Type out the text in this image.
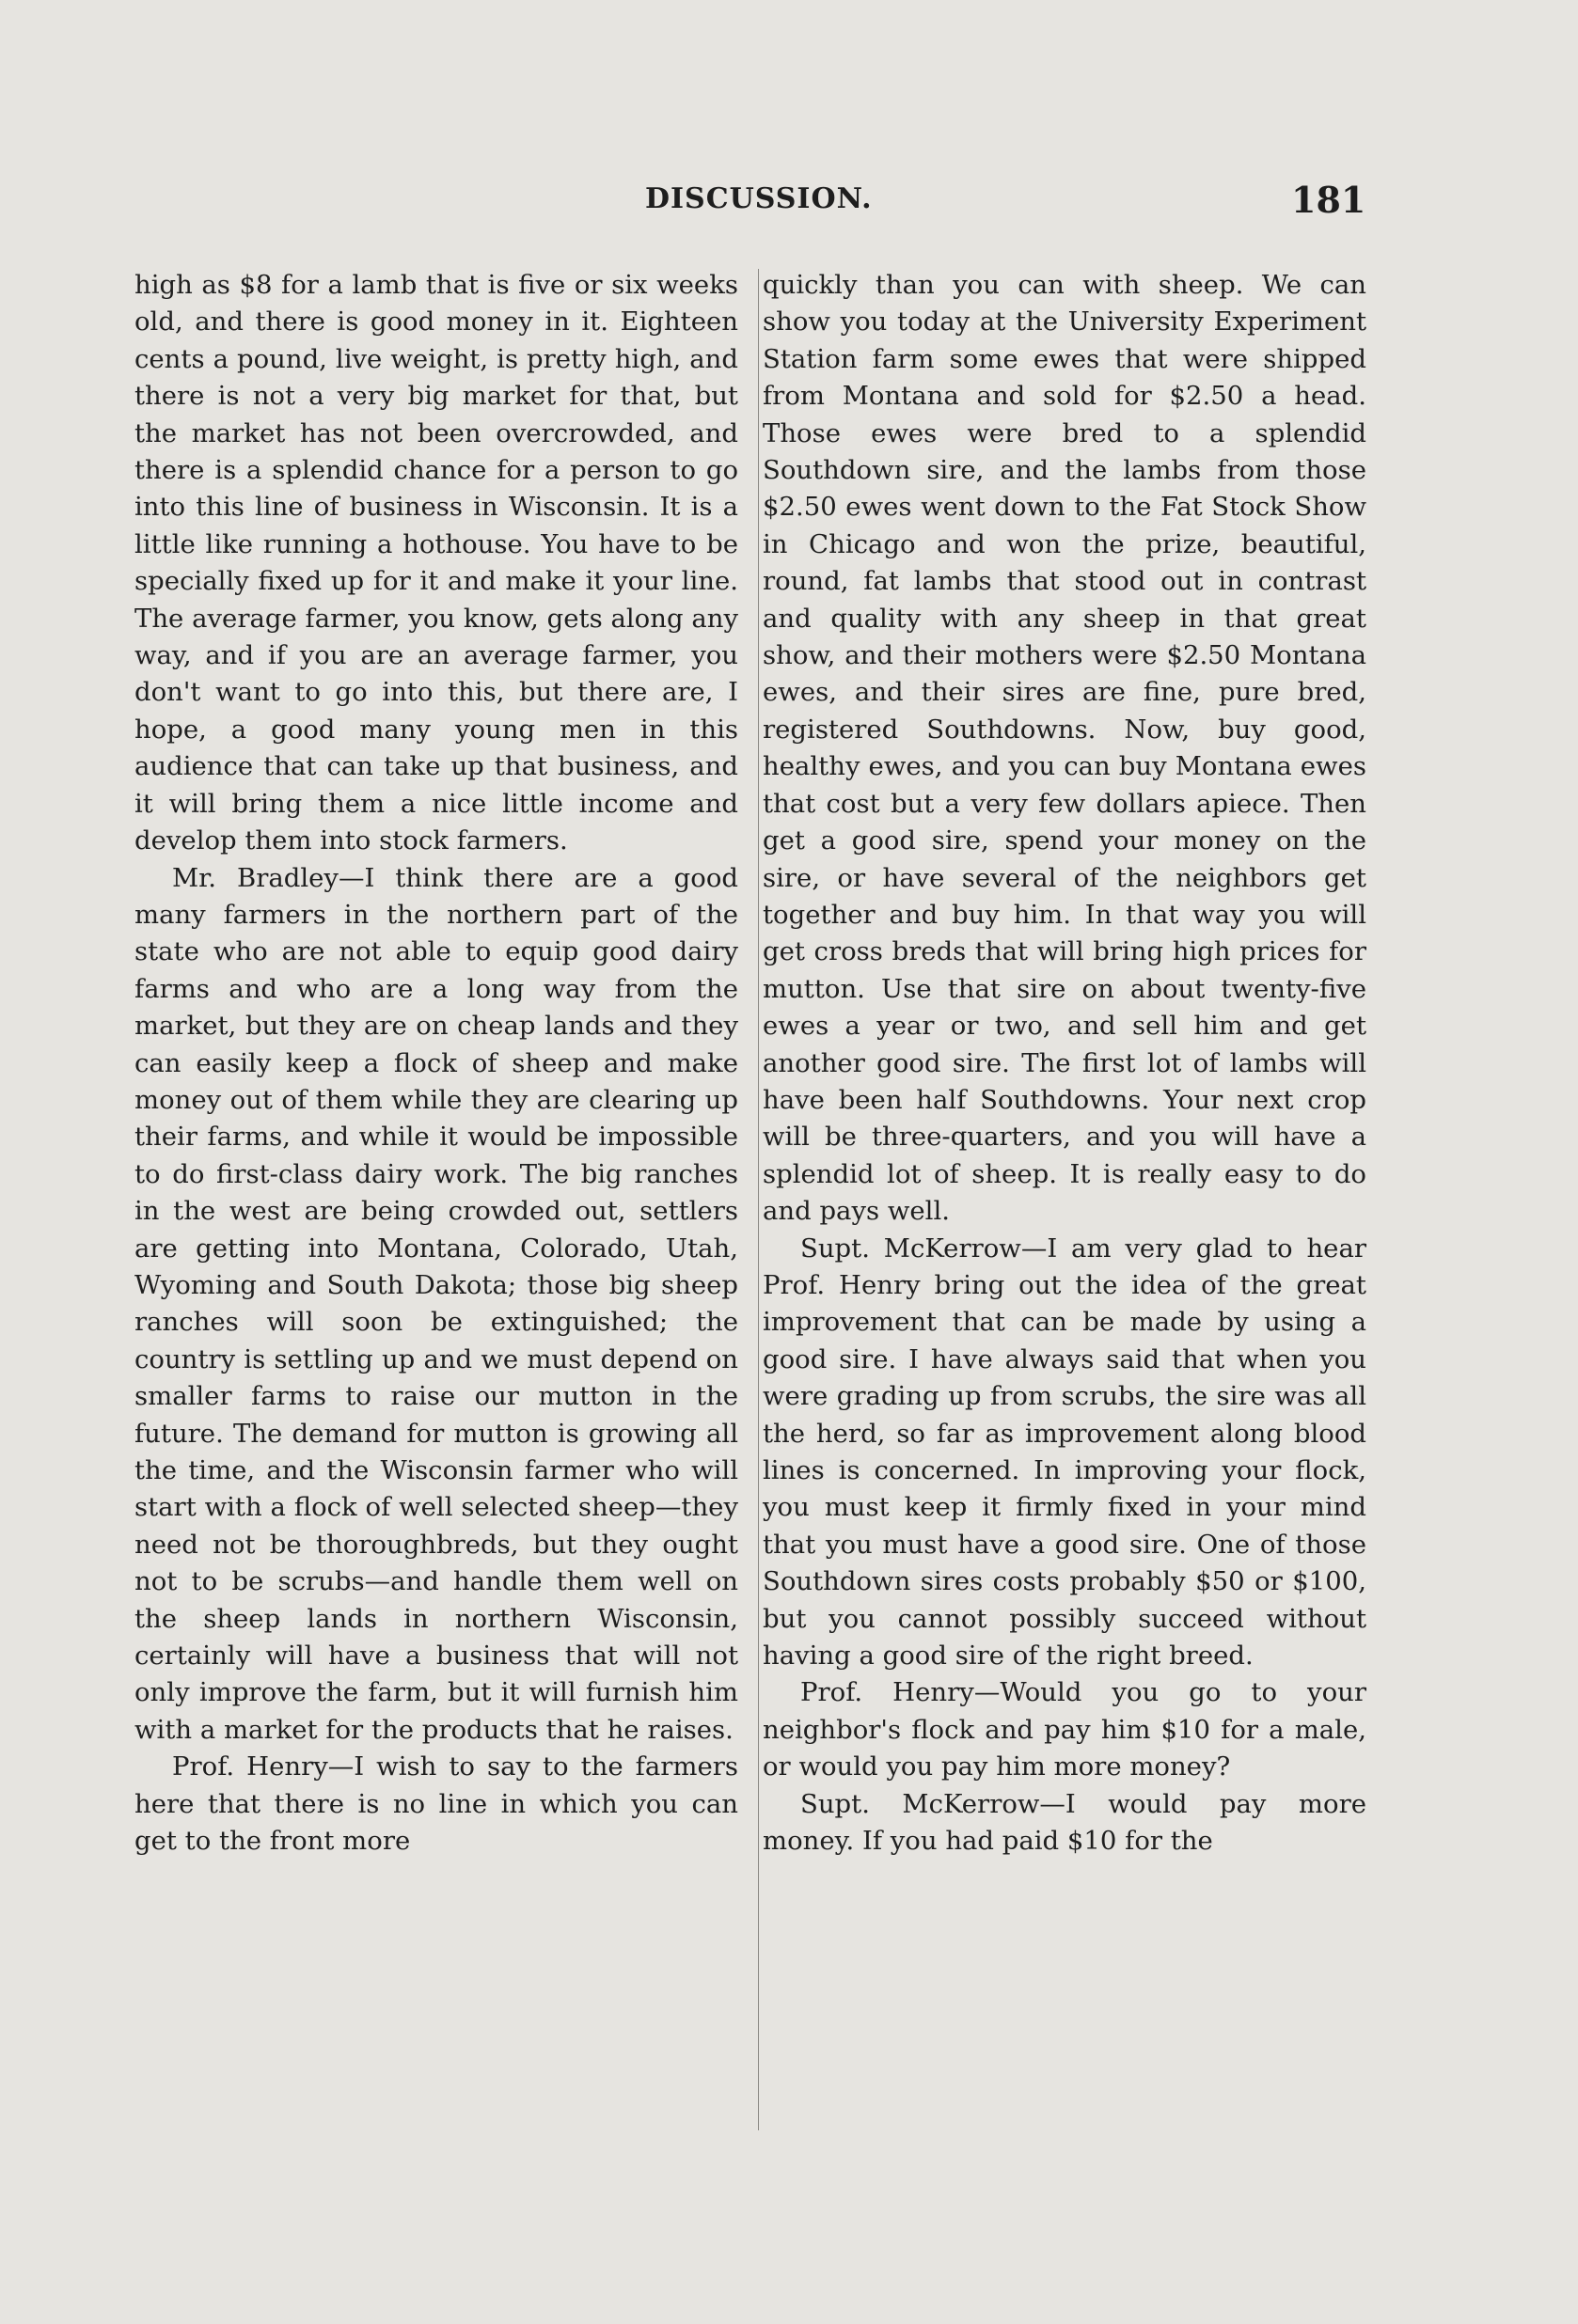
DISCUSSION.	181

high as $8 for a lamb that is five or six weeks old, and there is good money in it. Eighteen cents a pound, live weight, is pretty high, and there is not a very big market for that, but the market has not been overcrowded, and there is a splendid chance for a person to go into this line of business in Wisconsin. It is a little like running a hothouse. You have to be specially fixed up for it and make it your line. The average farmer, you know, gets along any way, and if you are an average farmer, you don't want to go into this, but there are, I hope, a good many young men in this audience that can take up that business, and it will bring them a nice little income and develop them into stock farmers.

Mr. Bradley—I think there are a good many farmers in the northern part of the state who are not able to equip good dairy farms and who are a long way from the market, but they are on cheap lands and they can easily keep a flock of sheep and make money out of them while they are clearing up their farms, and while it would be impossible to do first-class dairy work. The big ranches in the west are being crowded out, settlers are getting into Montana, Colorado, Utah, Wyoming and South Dakota; those big sheep ranches will soon be extinguished; the country is settling up and we must depend on smaller farms to raise our mutton in the future. The demand for mutton is growing all the time, and the Wisconsin farmer who will start with a flock of well selected sheep—they need not be thoroughbreds, but they ought not to be scrubs—and handle them well on the sheep lands in northern Wisconsin, certainly will have a business that will not only improve the farm, but it will furnish him with a market for the products that he raises.

Prof. Henry—I wish to say to the farmers here that there is no line in which you can get to the front more

quickly than you can with sheep. We can show you today at the University Experiment Station farm some ewes that were shipped from Montana and sold for $2.50 a head. Those ewes were bred to a splendid Southdown sire, and the lambs from those $2.50 ewes went down to the Fat Stock Show in Chicago and won the prize, beautiful, round, fat lambs that stood out in contrast and quality with any sheep in that great show, and their mothers were $2.50 Montana ewes, and their sires are fine, pure bred, registered Southdowns. Now, buy good, healthy ewes, and you can buy Montana ewes that cost but a very few dollars apiece. Then get a good sire, spend your money on the sire, or have several of the neighbors get together and buy him. In that way you will get cross breds that will bring high prices for mutton. Use that sire on about twenty-five ewes a year or two, and sell him and get another good sire. The first lot of lambs will have been half Southdowns. Your next crop will be three-quarters, and you will have a splendid lot of sheep. It is really easy to do and pays well.

Supt. McKerrow—I am very glad to hear Prof. Henry bring out the idea of the great improvement that can be made by using a good sire. I have always said that when you were grading up from scrubs, the sire was all the herd, so far as improvement along blood lines is concerned. In improving your flock, you must keep it firmly fixed in your mind that you must have a good sire. One of those Southdown sires costs probably $50 or $100, but you cannot possibly succeed without having a good sire of the right breed.

Prof. Henry—Would you go to your neighbor's flock and pay him $10 for a male, or would you pay him more money?

Supt. McKerrow—I would pay more money. If you had paid $10 for the
